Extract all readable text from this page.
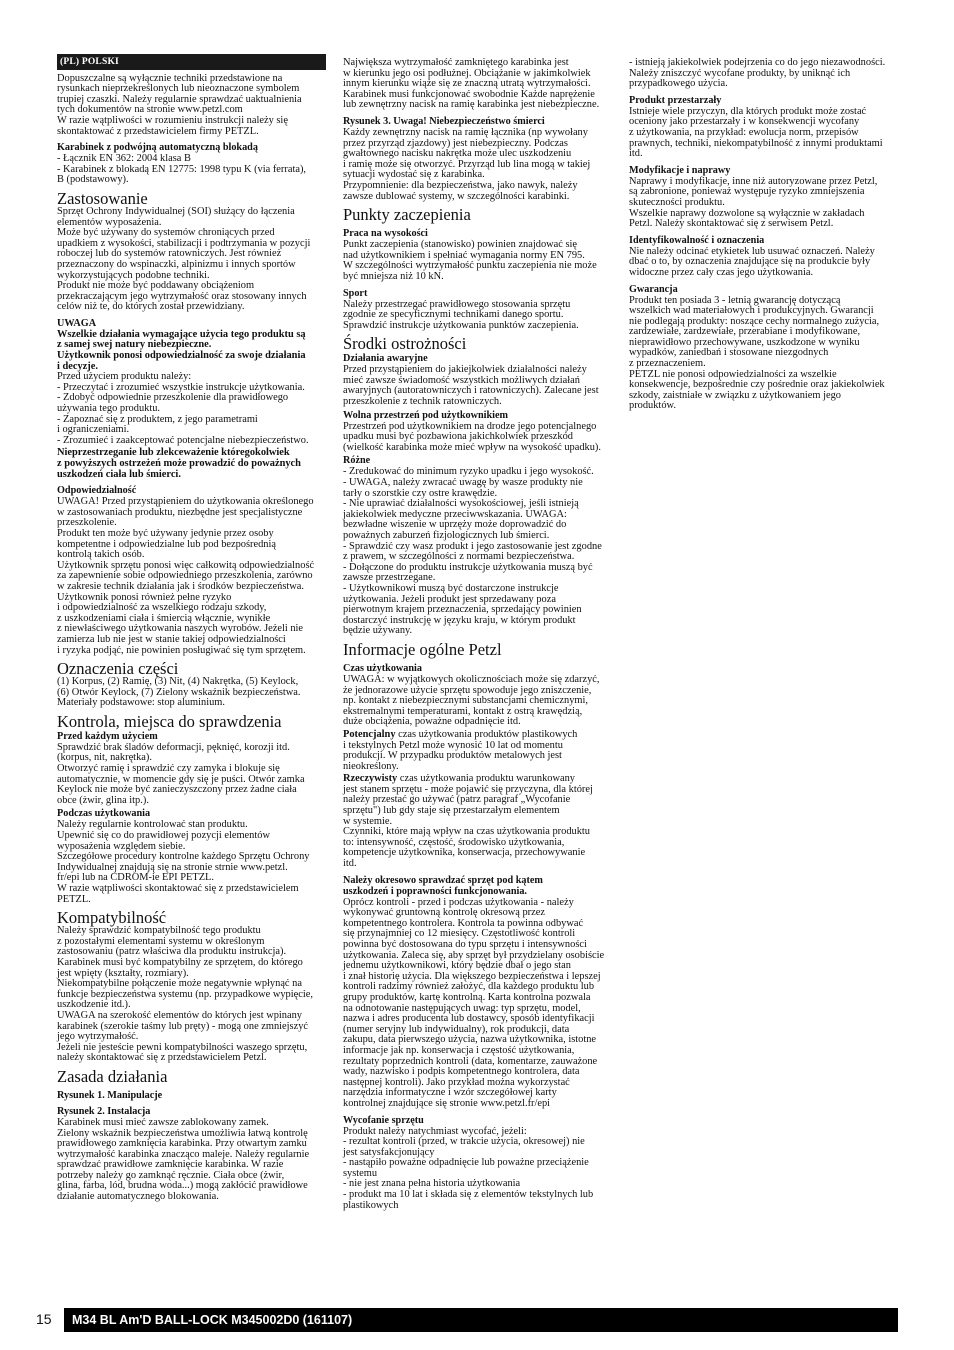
(PL) POLSKI
Dopuszczalne są wyłącznie techniki przedstawione na
rysunkach nieprzekreślonych lub nieoznaczone symbolem
trupiej czaszki. Należy regularnie sprawdzać uaktualnienia
tych dokumentów na stronie www.petzl.com
W razie wątpliwości w rozumieniu instrukcji należy się
skontaktować z przedstawicielem firmy PETZL.
Karabinek z podwójną automatyczną blokadą
- Łącznik EN 362: 2004 klasa B
- Karabinek z blokadą EN 12775: 1998 typu K (via ferrata),
B (podstawowy).
Zastosowanie
Sprzęt Ochrony Indywidualnej (SOI) służący do łączenia
elementów wyposażenia.
Może być używany do systemów chroniących przed
upadkiem z wysokości, stabilizacji i podtrzymania w pozycji
roboczej lub do systemów ratowniczych. Jest również
przeznaczony do wspinaczki, alpinizmu i innych sportów
wykorzystujących podobne techniki.
Produkt nie może być poddawany obciążeniom
przekraczającym jego wytrzymałość oraz stosowany innych
celów niż te, do których został przewidziany.
UWAGA
Wszelkie działania wymagające użycia tego produktu są
z samej swej natury niebezpieczne.
Użytkownik ponosi odpowiedzialność za swoje działania
i decyzje.
Przed użyciem produktu należy:
- Przeczytać i zrozumieć wszystkie instrukcje użytkowania.
- Zdobyć odpowiednie przeszkolenie dla prawidłowego
używania tego produktu.
- Zapoznać się z produktem, z jego parametrami
i ograniczeniami.
- Zrozumieć i zaakceptować potencjalne niebezpieczeństwo.
Nieprzestrzeganie lub zlekceważenie któregokolwiek
z powyższych ostrzeżeń może prowadzić do poważnych
uszkodzeń ciała lub śmierci.
Odpowiedzialność
UWAGA! Przed przystąpieniem do użytkowania określonego
w zastosowaniach produktu, niezbędne jest specjalistyczne
przeszkolenie.
Produkt ten może być używany jedynie przez osoby
kompetentne i odpowiedzialne lub pod bezpośrednią
kontrolą takich osób.
Użytkownik sprzętu ponosi więc całkowitą odpowiedzialność
za zapewnienie sobie odpowiedniego przeszkolenia, zarówno
w zakresie technik działania jak i środków bezpieczeństwa.
Użytkownik ponosi również pełne ryzyko
i odpowiedzialność za wszelkiego rodzaju szkody,
z uszkodzeniami ciała i śmiercią włącznie, wynikłe
z niewłaściwego użytkowania naszych wyrobów. Jeżeli nie
zamierza lub nie jest w stanie takiej odpowiedzialności
i ryzyka podjąć, nie powinien posługiwać się tym sprzętem.
Oznaczenia części
(1) Korpus, (2) Ramię, (3) Nit, (4) Nakrętka, (5) Keylock,
(6) Otwór Keylock, (7) Zielony wskaźnik bezpieczeństwa.
Materiały podstawowe: stop aluminium.
Kontrola, miejsca do sprawdzenia
Przed każdym użyciem
Sprawdzić brak śladów deformacji, pęknięć, korozji itd.
(korpus, nit, nakrętka).
Otworzyć ramię i sprawdzić czy zamyka i blokuje się
automatycznie, w momencie gdy się je puści. Otwór zamka
Keylock nie może być zanieczyszczony przez żadne ciała
obce (żwir, glina itp.).
Podczas użytkowania
Należy regularnie kontrolować stan produktu.
Upewnić się co do prawidłowej pozycji elementów
wyposażenia względem siebie.
Szczegółowe procedury kontrolne każdego Sprzętu Ochrony
Indywidualnej znajdują się na stronie strnie www.petzl.
fr/epi lub na CDROM-ie EPI PETZL.
W razie wątpliwości skontaktować się z przedstawicielem
PETZL.
Kompatybilność
Należy sprawdzić kompatybilność tego produktu
z pozostałymi elementami systemu w określonym
zastosowaniu (patrz właściwa dla produktu instrukcja).
Karabinek musi być kompatybilny ze sprzętem, do którego
jest wpięty (kształty, rozmiary).
Niekompatybilne połączenie może negatywnie wpłynąć na
funkcje bezpieczeństwa systemu (np. przypadkowe wypięcie,
uszkodzenie itd.).
UWAGA na szerokość elementów do których jest wpinany
karabinek (szerokie taśmy lub pręty) - mogą one zmniejszyć
jego wytrzymałość.
Jeżeli nie jesteście pewni kompatybilności waszego sprzętu,
należy skontaktować się z przedstawicielem Petzl.
Zasada działania
Rysunek 1. Manipulacje
Rysunek 2. Instalacja
Karabinek musi mieć zawsze zablokowany zamek.
Zielony wskaźnik bezpieczeństwa umożliwia łatwą kontrolę
prawidłowego zamknięcia karabinka. Przy otwartym zamku
wytrzymałość karabinka znacząco maleje. Należy regularnie
sprawdzać prawidłowe zamknięcie karabinka. W razie
potrzeby należy go zamknąć ręcznie. Ciała obce (żwir,
glina, farba, lód, brudna woda...) mogą zakłócić prawidłowe
działanie automatycznego blokowania.
Największa wytrzymałość zamkniętego karabinka jest
w kierunku jego osi podłużnej. Obciążanie w jakimkolwiek
innym kierunku wiąże się ze znaczną utratą wytrzymałości.
Karabinek musi funkcjonować swobodnie Każde naprężenie
lub zewnętrzny nacisk na ramię karabinka jest niebezpieczne.
Rysunek 3. Uwaga! Niebezpieczeństwo śmierci
Każdy zewnętrzny nacisk na ramię łącznika (np wywołany
przez przyrząd zjazdowy) jest niebezpieczny. Podczas
gwałtownego nacisku nakrętka może ulec uszkodzeniu
i ramię może się otworzyć. Przyrząd lub lina mogą w takiej
sytuacji wydostać się z karabinka.
Przypomnienie: dla bezpieczeństwa, jako nawyk, należy
zawsze dublować systemy, w szczególności karabinki.
Punkty zaczepienia
Praca na wysokości
Punkt zaczepienia (stanowisko) powinien znajdować się
nad użytkownikiem i spełniać wymagania normy EN 795.
W szczególności wytrzymałość punktu zaczepienia nie może
być mniejsza niż 10 kN.
Sport
Należy przestrzegać prawidłowego stosowania sprzętu
zgodnie ze specyficznymi technikami danego sportu.
Sprawdzić instrukcje użytkowania punktów zaczepienia.
Środki ostrożności
Działania awaryjne
Przed przystąpieniem do jakiejkolwiek działalności należy
mieć zawsze świadomość wszystkich możliwych działań
awaryjnych (autoratowniczych i ratowniczych). Zalecane jest
przeszkolenie z technik ratowniczych.
Wolna przestrzeń pod użytkownikiem
Przestrzeń pod użytkownikiem na drodze jego potencjalnego
upadku musi być pozbawiona jakichkolwiek przeszkód
(wielkość karabinka może mieć wpływ na wysokość upadku).
Różne
- Zredukować do minimum ryzyko upadku i jego wysokość.
- UWAGA, należy zwracać uwagę by wasze produkty nie
tarły o szorstkie czy ostre krawędzie.
- Nie uprawiać działalności wysokościowej, jeśli istnieją
jakiekolwiek medyczne przeciwwskazania. UWAGA:
bezwładne wiszenie w uprzęży może doprowadzić do
poważnych zaburzeń fizjologicznych lub śmierci.
- Sprawdzić czy wasz produkt i jego zastosowanie jest zgodne
z prawem, w szczególności z normami bezpieczeństwa.
- Dołączone do produktu instrukcje użytkowania muszą być
zawsze przestrzegane.
- Użytkownikowi muszą być dostarczone instrukcje
użytkowania. Jeżeli produkt jest sprzedawany poza
pierwotnym krajem przeznaczenia, sprzedający powinien
dostarczyć instrukcję w języku kraju, w którym produkt
będzie używany.
Informacje ogólne Petzl
Czas użytkowania
UWAGA: w wyjątkowych okolicznościach może się zdarzyć,
że jednorazowe użycie sprzętu spowoduje jego zniszczenie,
np. kontakt z niebezpiecznymi substancjami chemicznymi,
ekstremalnymi temperaturami, kontakt z ostrą krawędzią,
duże obciążenia, poważne odpadnięcie itd.
Potencjalny czas użytkowania produktów plastikowych
i tekstylnych Petzl może wynosić 10 lat od momentu
produkcji. W przypadku produktów metalowych jest
nieokreślony.
Rzeczywisty czas użytkowania produktu warunkowany
jest stanem sprzętu - może pojawić się przyczyna, dla której
należy przestać go używać (patrz paragraf „Wycofanie
sprzętu") lub gdy staje się przestarzałym elementem
w systemie.
Czynniki, które mają wpływ na czas użytkowania produktu
to: intensywność, częstość, środowisko użytkowania,
kompetencje użytkownika, konserwacja, przechowywanie
itd.
Należy okresowo sprawdzać sprzęt pod kątem
uszkodzeń i poprawności funkcjonowania.
Oprócz kontroli - przed i podczas użytkowania - należy
wykonywać gruntowną kontrolę okresową przez
kompetentnego kontrolera. Kontrola ta powinna odbywać
się przynajmniej co 12 miesięcy. Częstotliwość kontroli
powinna być dostosowana do typu sprzętu i intensywności
użytkowania. Zaleca się, aby sprzęt był przydzielany osobiście
jednemu użytkownikowi, który będzie dbał o jego stan
i znał historię użycia. Dla większego bezpieczeństwa i lepszej
kontroli radzimy również założyć, dla każdego produktu lub
grupy produktów, kartę kontrolną. Karta kontrolna pozwala
na odnotowanie następujących uwag: typ sprzętu, model,
nazwa i adres producenta lub dostawcy, sposób identyfikacji
(numer seryjny lub indywidualny), rok produkcji, data
zakupu, data pierwszego użycia, nazwa użytkownika, istotne
informacje jak np. konserwacja i częstość użytkowania,
rezultaty poprzednich kontroli (data, komentarze, zauważone
wady, nazwisko i podpis kompetentnego kontrolera, data
następnej kontroli). Jako przykład można wykorzystać
narzędzia informatyczne i wzór szczegółowej karty
kontrolnej znajdujące się stronie www.petzl.fr/epi
Wycofanie sprzętu
Produkt należy natychmiast wycofać, jeżeli:
- rezultat kontroli (przed, w trakcie użycia, okresowej) nie
jest satysfakcjonujący
- nastąpiło poważne odpadnięcie lub poważne przeciążenie
systemu
- nie jest znana pełna historia użytkowania
- produkt ma 10 lat i składa się z elementów tekstylnych lub
plastikowych
- istnieją jakiekolwiek podejrzenia co do jego niezawodności.
Należy zniszczyć wycofane produkty, by uniknąć ich
przypadkowego użycia.
Produkt przestarzały
Istnieje wiele przyczyn, dla których produkt może zostać
oceniony jako przestarzały i w konsekwencji wycofany
z użytkowania, na przykład: ewolucja norm, przepisów
prawnych, techniki, niekompatybilność z innymi produktami
itd.
Modyfikacje i naprawy
Naprawy i modyfikacje, inne niż autoryzowane przez Petzl,
są zabronione, ponieważ występuje ryzyko zmniejszenia
skuteczności produktu.
Wszelkie naprawy dozwolone są wyłącznie w zakładach
Petzl. Należy skontaktować się z serwisem Petzl.
Identyfikowalność i oznaczenia
Nie należy odcinać etykietek lub usuwać oznaczeń. Należy
dbać o to, by oznaczenia znajdujące się na produkcie były
widoczne przez cały czas jego użytkowania.
Gwarancja
Produkt ten posiada 3 - letnią gwarancję dotyczącą
wszelkich wad materiałowych i produkcyjnych. Gwarancji
nie podlegają produkty: noszące cechy normalnego zużycia,
zardzewiałe, zardzewiałe, przerabiane i modyfikowane,
nieprawidłowo przechowywane, uszkodzone w wyniku
wypadków, zaniedbań i stosowane niezgodnych
z przeznaczeniem.
PETZL nie ponosi odpowiedzialności za wszelkie
konsekwencje, bezpośrednie czy pośrednie oraz jakiekolwiek
szkody, zaistniałe w związku z użytkowaniem jego
produktów.
15	M34 BL Am'D BALL-LOCK M345002D0 (161107)
